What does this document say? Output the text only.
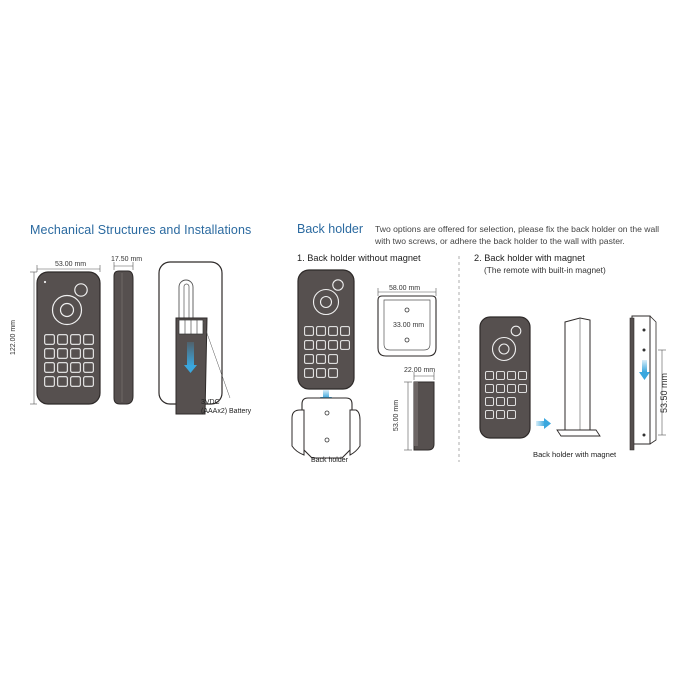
Mechanical Structures and Installations	Back holder Two options are offered for selection, please fix the back holder on the wall
with two screws, or adhere the back holder to the wall with paster.
1. Back holder without magnet	2. Back holder with magnet
(The remote with built-in magnet)
53.00 mm
17.50 mm
122.00 mm
58.00 mm
33.00 mm
22.00 mm
53.00 mm
53.50 mm
3VDC
(AAAx2) Battery
Back holder
Back holder with magnet
